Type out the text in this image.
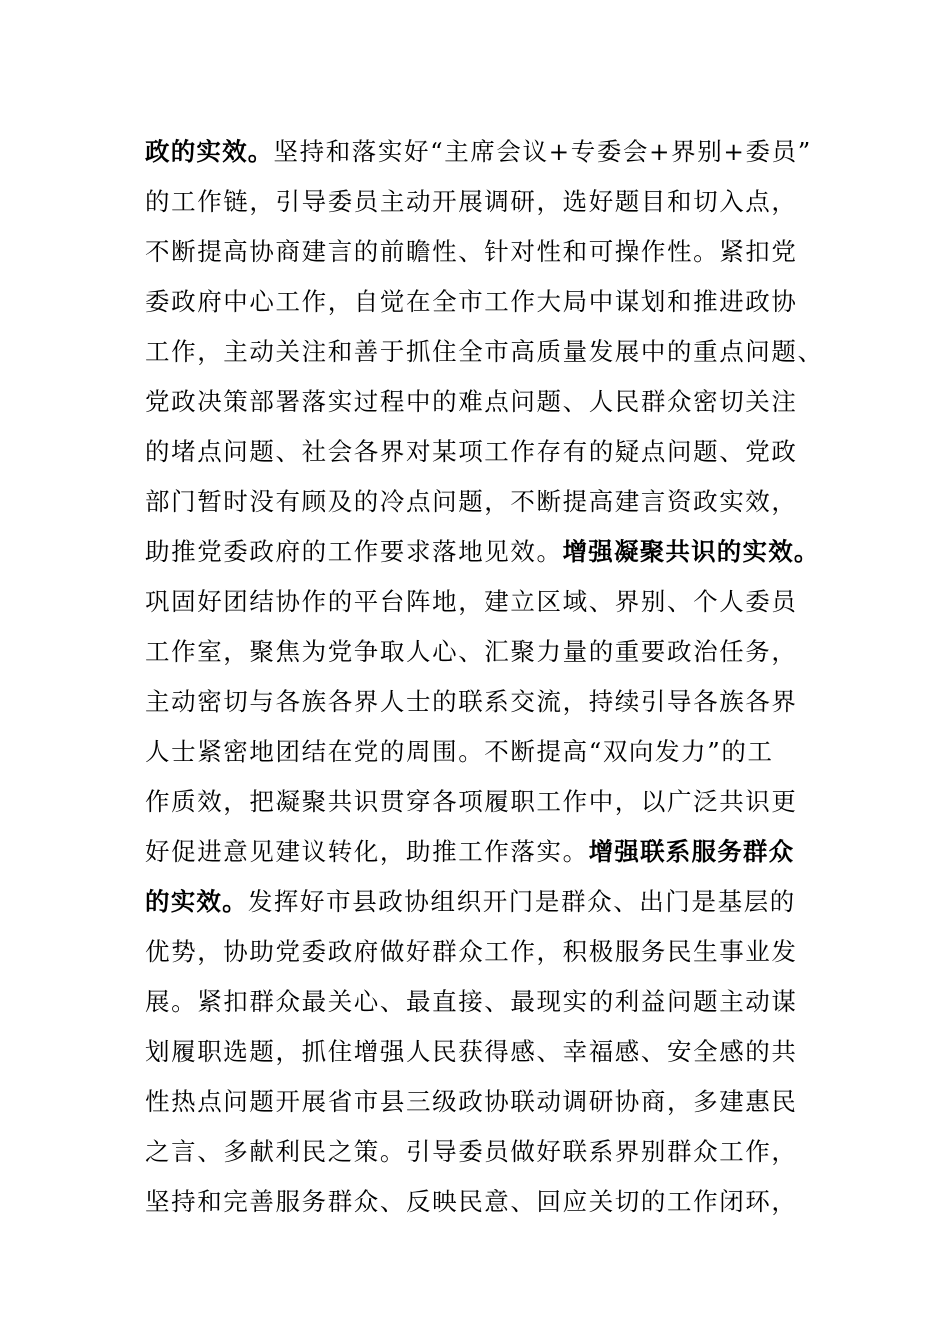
政的实效。坚持和落实好“主席会议+专委会+界别+委员”
的工作链，引导委员主动开展调研，选好题目和切入点，
不断提高协商建言的前瞻性、针对性和可操作性。紧扣党
委政府中心工作，自觉在全市工作大局中谋划和推进政协
工作，主动关注和善于抓住全市高质量发展中的重点问题、
党政决策部署落实过程中的难点问题、人民群众密切关注
的堵点问题、社会各界对某项工作存有的疑点问题、党政
部门暂时没有顾及的冷点问题，不断提高建言资政实效，
助推党委政府的工作要求落地见效。增强凝聚共识的实效。
巩固好团结协作的平台阵地，建立区域、界别、个人委员
工作室，聚焦为党争取人心、汇聚力量的重要政治任务，
主动密切与各族各界人士的联系交流，持续引导各族各界
人士紧密地团结在党的周围。不断提高“双向发力”的工
作质效，把凝聚共识贯穿各项履职工作中，以广泛共识更
好促进意见建议转化，助推工作落实。增强联系服务群众
的实效。发挥好市县政协组织开门是群众、出门是基层的
优势，协助党委政府做好群众工作，积极服务民生事业发
展。紧扣群众最关心、最直接、最现实的利益问题主动谋
划履职选题，抓住增强人民获得感、幸福感、安全感的共
性热点问题开展省市县三级政协联动调研协商，多建惠民
之言、多献利民之策。引导委员做好联系界别群众工作，
坚持和完善服务群众、反映民意、回应关切的工作闭环，
